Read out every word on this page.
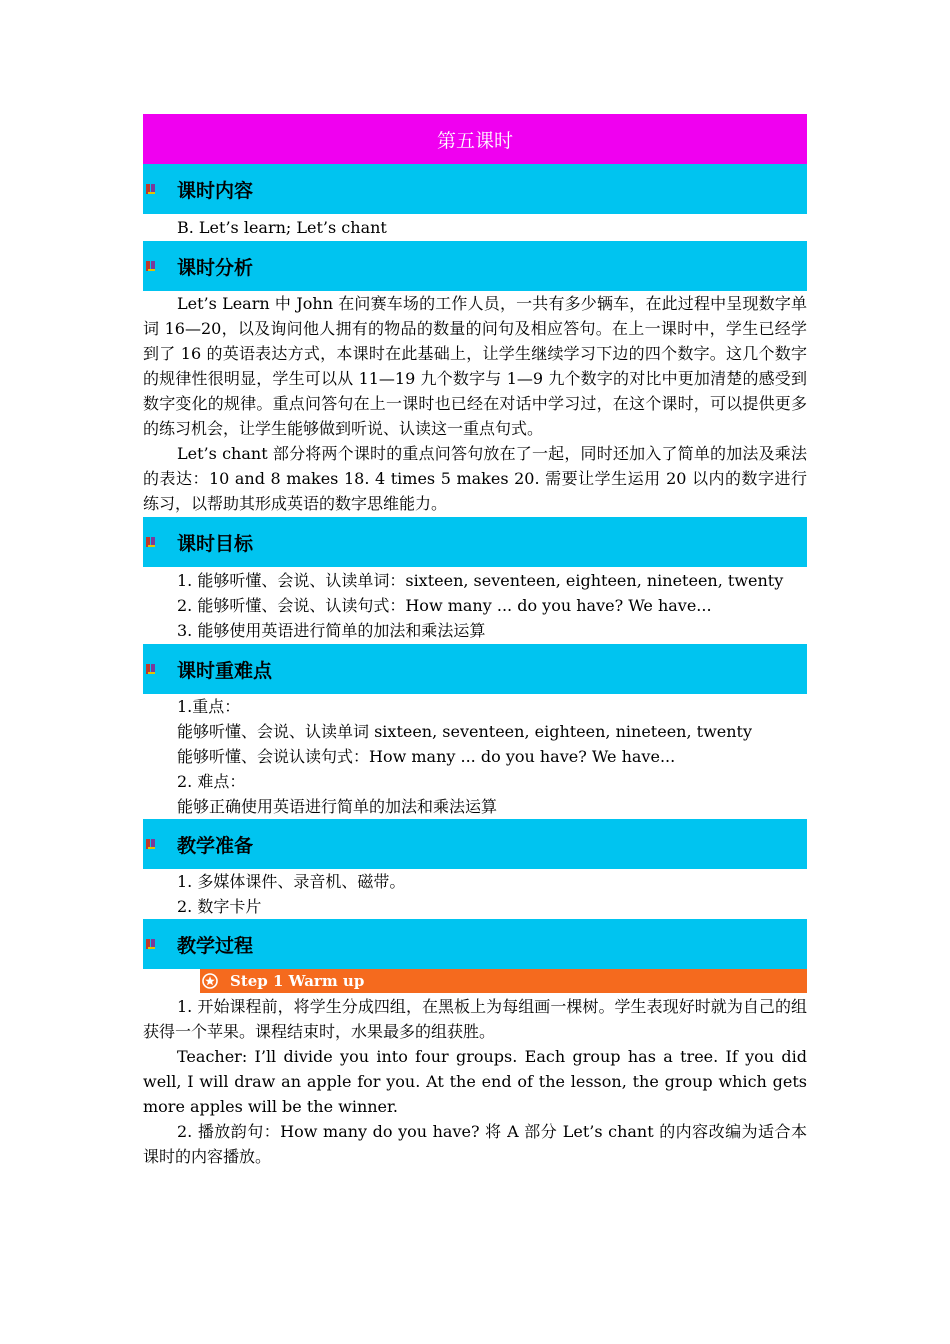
第五课时
课时内容

B. Let’s learn; Let’s chant

课时分析

Let’s Learn 中 John 在问赛车场的工作人员，一共有多少辆车，在此过程中呈现数字单词 16—20，以及询问他人拥有的物品的数量的问句及相应答句。在上一课时中，学生已经学到了 16 的英语表达方式，本课时在此基础上，让学生继续学习下边的四个数字。这几个数字的规律性很明显，学生可以从 11—19 九个数字与 1—9 九个数字的对比中更加清楚的感受到数字变化的规律。重点问答句在上一课时也已经在对话中学习过，在这个课时，可以提供更多的练习机会，让学生能够做到听说、认读这一重点句式。

Let’s chant 部分将两个课时的重点问答句放在了一起，同时还加入了简单的加法及乘法的表达：10 and 8 makes 18. 4 times 5 makes 20. 需要让学生运用 20 以内的数字进行练习，以帮助其形成英语的数字思维能力。

课时目标

1. 能够听懂、会说、认读单词：sixteen, seventeen, eighteen, nineteen, twenty

2. 能够听懂、会说、认读句式：How many ... do you have? We have...

3. 能够使用英语进行简单的加法和乘法运算

课时重难点

1.重点：

能够听懂、会说、认读单词 sixteen, seventeen, eighteen, nineteen, twenty

能够听懂、会说认读句式：How many ... do you have? We have...

2. 难点：

能够正确使用英语进行简单的加法和乘法运算

教学准备

1. 多媒体课件、录音机、磁带。

2. 数字卡片

教学过程
Step 1 Warm up

1. 开始课程前，将学生分成四组，在黑板上为每组画一棵树。学生表现好时就为自己的组获得一个苹果。课程结束时，水果最多的组获胜。

Teacher: I’ll divide you into four groups. Each group has a tree. If you did well, I will draw an apple for you. At the end of the lesson, the group which gets more apples will be the winner.

2. 播放韵句：How many do you have? 将 A 部分 Let’s chant 的内容改编为适合本课时的内容播放。
